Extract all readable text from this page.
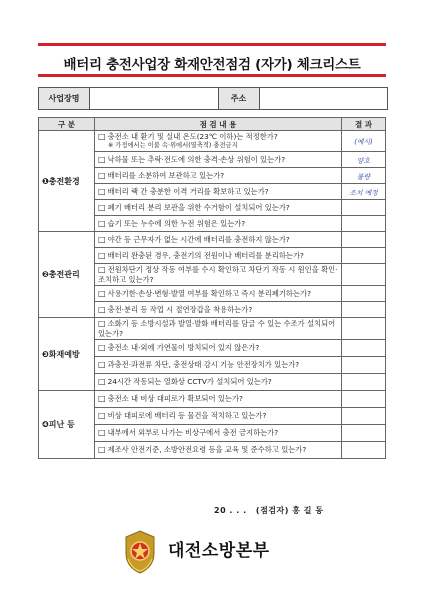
배터리 충전사업장 화재안전점검 (자가) 체크리스트
사업장명	주소
구 분	점 검 내 용	결 과
❶충전환경	□ 충전소 내 환기 및 실내 온도(23℃ 이하)는 적정한가?
※ 가정에서는 이불 속·위에서(열축적) 충전금지	(예시)
	□ 낙하물 또는 추락·전도에 의한 충격·손상 위험이 있는가?	양호
	□ 배터리를 소분하여 보관하고 있는가?	불량
	□ 배터리 랙 간 충분한 이격 거리를 확보하고 있는가?	조치 예정
	□ 폐기 배터리 분리 보관을 위한 수거함이 설치되어 있는가?	
	□ 습기 또는 누수에 의한 누전 위험은 있는가?	
❷충전관리	□ 야간 등 근무자가 없는 시간에 배터리를 충전하지 않는가?	
	□ 배터리 완충된 경우, 충전기의 전원이나 배터리를 분리하는가?	
	□ 전원차단기 정상 작동 여부를 수시 확인하고 차단기 작동 시 원인을 확인·조치하고 있는가?	
	□ 사용기한·손상·변형·발열 여부를 확인하고 즉시 분리폐기하는가?	
	□ 충전·분리 등 작업 시 절연장갑을 착용하는가?	
❸화재예방	□ 소화기 등 소방시설과 발열·발화 배터리를 담글 수 있는 수조가 설치되어 있는가?	
	□ 충전소 내·외에 가연물이 방치되어 있지 않은가?	
	□ 과충전·과전류 차단, 충전상태 감시 기능 안전장치가 있는가?	
	□ 24시간 작동되는 열화상 CCTV가 설치되어 있는가?	
❹피난 등	□ 충전소 내 비상 대피로가 확보되어 있는가?	
	□ 비상 대피로에 배터리 등 물건을 적치하고 있는가?	
	□ 내부에서 외부로 나가는 비상구에서 충전 금지하는가?	
	□ 제조사 안전기준, 소방안전요령 등을 교육 및 준수하고 있는가?	
20 . . . (점검자) 홍 길 동
대전소방본부
